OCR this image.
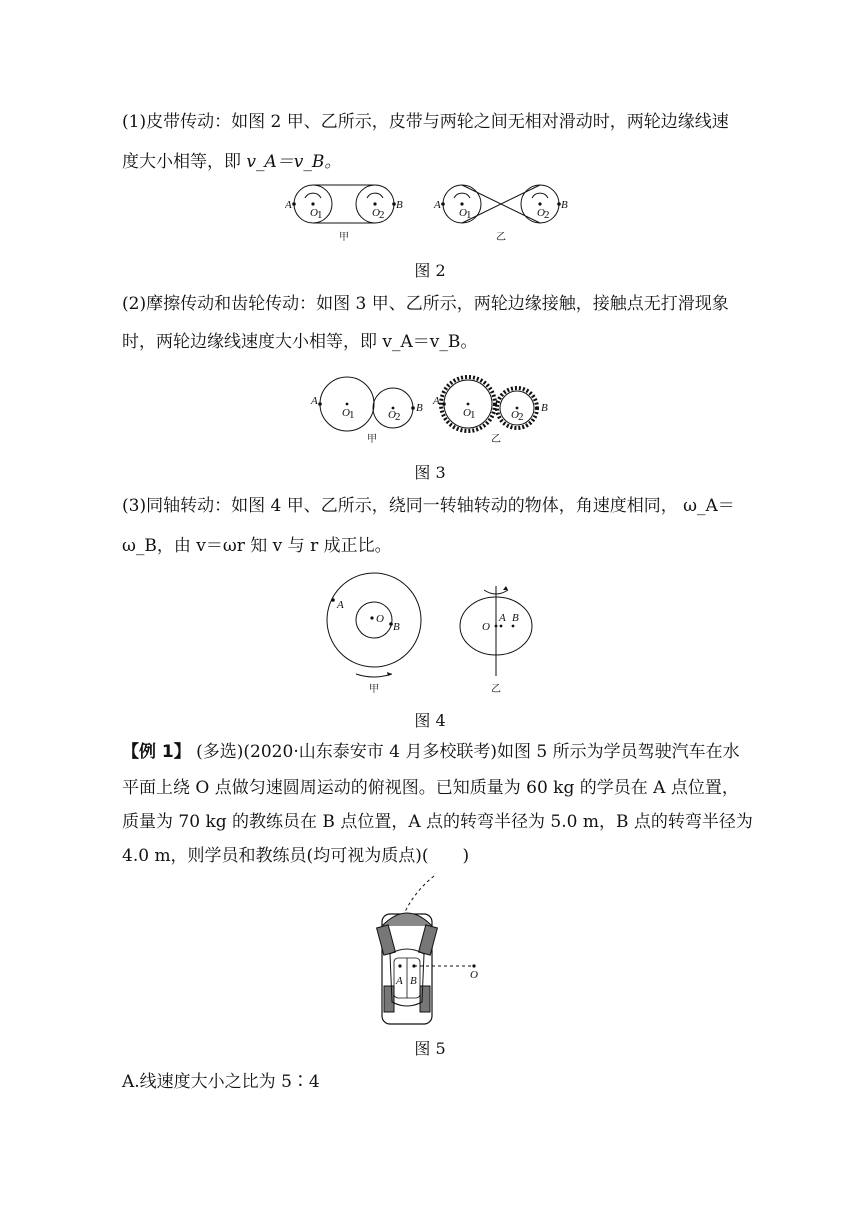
(1)皮带传动：如图 2 甲、乙所示，皮带与两轮之间无相对滑动时，两轮边缘线速
度大小相等，即 v_A＝v_B。
A	B
O 1	O 2
甲
A	B
O 1	O 2
乙
图 2
(2)摩擦传动和齿轮传动：如图 3 甲、乙所示，两轮边缘接触，接触点无打滑现象
时，两轮边缘线速度大小相等，即 v_A＝v_B。
A
B
O 1	O 2
甲
A
B
O 1	O 2
乙
图 3
(3)同轴转动：如图 4 甲、乙所示，绕同一转轴转动的物体，角速度相同， ω_A＝
ω_B，由 v＝ωr 知 v 与 r 成正比。
O
B
A
甲
O
A B
乙
图 4
【例 1】 (多选)(2020·山东泰安市 4 月多校联考)如图 5 所示为学员驾驶汽车在水
平面上绕 O 点做匀速圆周运动的俯视图。已知质量为 60 kg 的学员在 A 点位置，
质量为 70 kg 的教练员在 B 点位置，A 点的转弯半径为 5.0 m，B 点的转弯半径为
4.0 m，则学员和教练员(均可视为质点)(　　)
A B	O
图 5
A.线速度大小之比为 5∶4
